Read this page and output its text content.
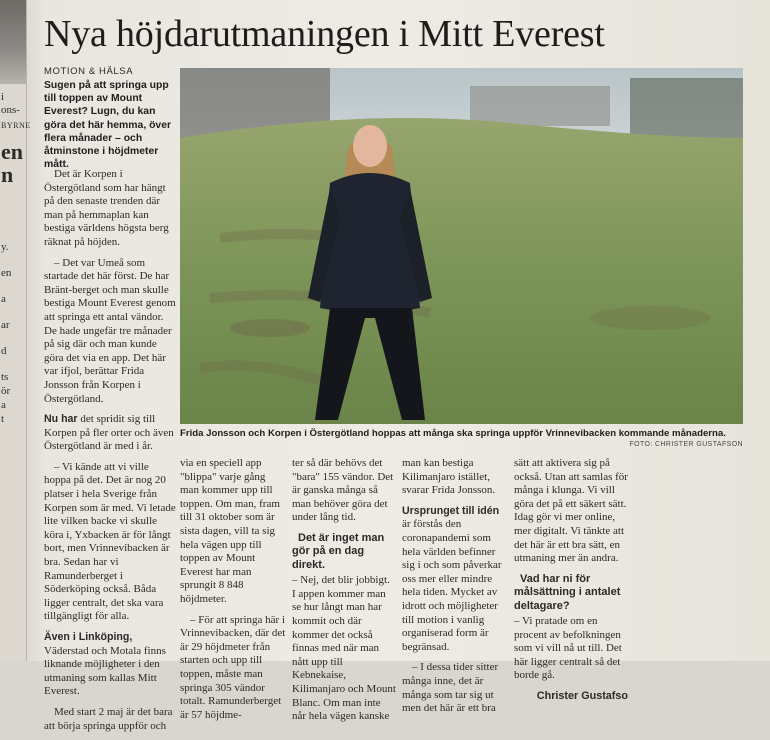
i
ons-
BYRNE
en
n
y.
en
a
ar
d
ts
ör
a
t
Nya höjdarutmaningen i Mitt Everest
MOTION & HÄLSA
Sugen på att springa upp till toppen av Mount Everest? Lugn, du kan göra det här hemma, över flera månader – och åtminstone i höjdmeter mått.

Det är Korpen i Östergötland som har hängt på den senaste trenden där man på hemmaplan kan bestiga världens högsta berg räknat på höjden.

– Det var Umeå som startade det här först. De har Bränt-berget och man skulle bestiga Mount Everest genom att springa ett antal vändor. De hade ungefär tre månader på sig där och man kunde göra det via en app. Det här var ifjol, berättar Frida Jonsson från Korpen i Östergötland.

Nu har det spridit sig till Korpen på fler orter och även Östergötland är med i år.

– Vi kände att vi ville hoppa på det. Det är nog 20 platser i hela Sverige från Korpen som är med. Vi letade lite vilken backe vi skulle köra i, Yxbacken är för långt bort, men Vrinnevibacken är bra. Sedan har vi Ramunderberget i Söderköping också. Båda ligger centralt, det ska vara tillgängligt för alla.

Även i Linköping, Väderstad och Motala finns liknande möjligheter i den utmaning som kallas Mitt Everest.

Med start 2 maj är det bara att börja springa uppför och

Frida Jonsson och Korpen i Östergötland hoppas att många ska springa uppför Vrinnevibacken kommande månaderna.
FOTO: CHRISTER GUSTAFSON

via en speciell app "blippa" varje gång man kommer upp till toppen. Om man, fram till 31 oktober som är sista dagen, vill ta sig hela vägen upp till toppen av Mount Everest har man sprungit 8 848 höjdmeter.

– För att springa här i Vrinnevibacken, där det är 29 höjdmeter från starten och upp till toppen, måste man springa 305 vändor totalt. Ramunderberget är 57 höjdme-

ter så där behövs det "bara" 155 vändor. Det är ganska många så man behöver göra det under lång tid.

Det är inget man gör på en dag direkt.

– Nej, det blir jobbigt. I appen kommer man se hur långt man har kommit och där kommer det också finnas med när man nått upp till Kebnekaise, Kilimanjaro och Mount Blanc. Om man inte når hela vägen kanske

man kan bestiga Kilimanjaro istället, svarar Frida Jonsson.

Ursprunget till idén är förstås den coronapandemi som hela världen befinner sig i och som påverkar oss mer eller mindre hela tiden. Mycket av idrott och möjligheter till motion i vanlig organiserad form är begränsad.

– I dessa tider sitter många inne, det är många som tar sig ut men det här är ett bra

sätt att aktivera sig på också. Utan att samlas för många i klunga. Vi vill göra det på ett säkert sätt. Idag gör vi mer online, mer digitalt. Vi tänkte att det här är ett bra sätt, en utmaning mer än andra.

Vad har ni för målsättning i antalet deltagare?

– Vi pratade om en procent av befolkningen som vi vill nå ut till. Det här ligger centralt så det borde gå.

Christer Gustafso
